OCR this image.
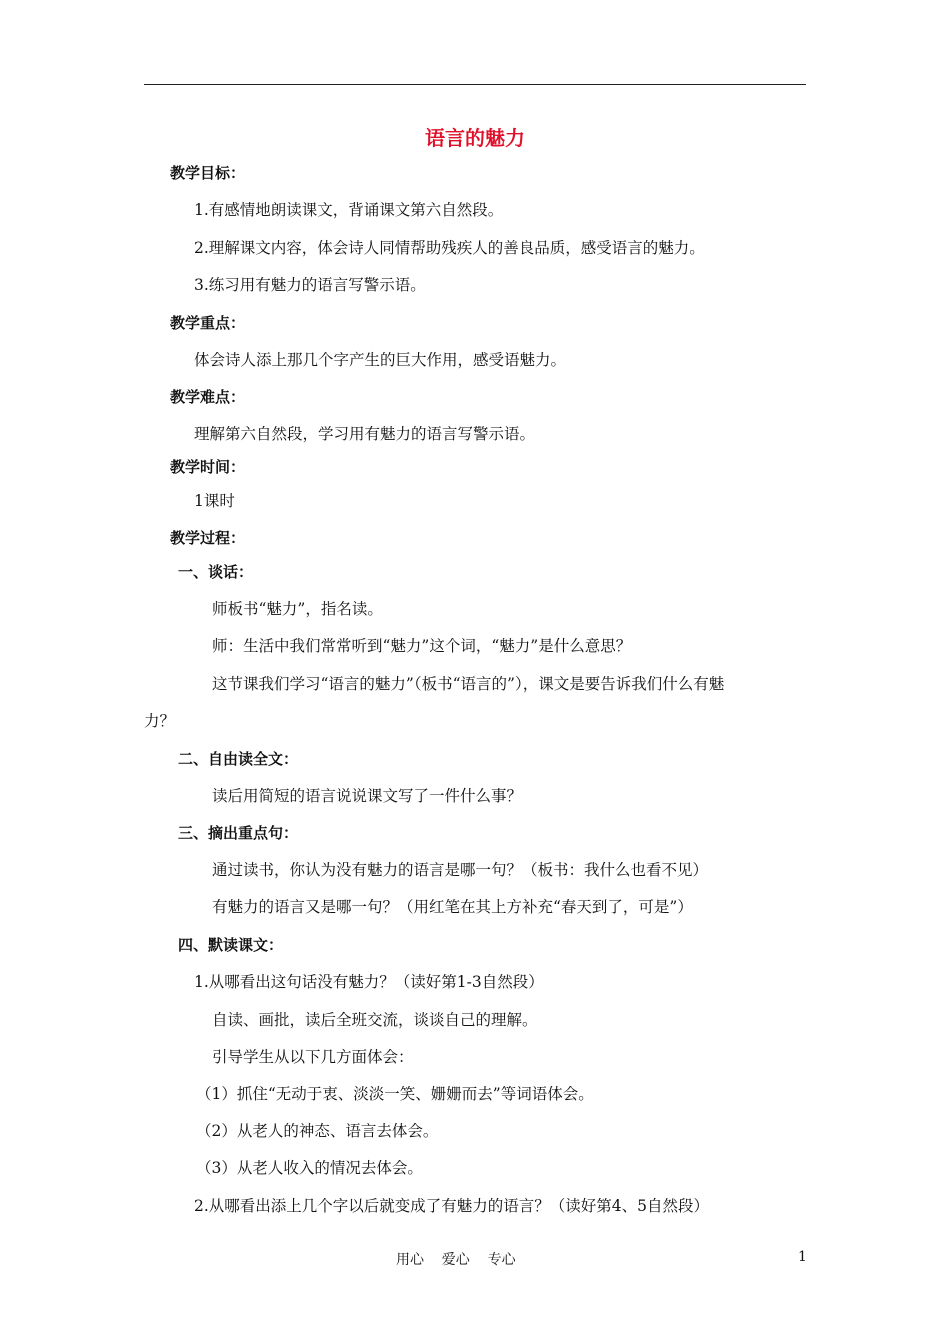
语言的魅力
教学目标：
1.有感情地朗读课文，背诵课文第六自然段。
2.理解课文内容，体会诗人同情帮助残疾人的善良品质，感受语言的魅力。
3.练习用有魅力的语言写警示语。
教学重点：
体会诗人添上那几个字产生的巨大作用，感受语魅力。
教学难点：
理解第六自然段，学习用有魅力的语言写警示语。
教学时间：
1课时
教学过程：
一、谈话：
师板书“魅力”，指名读。
师：生活中我们常常听到“魅力”这个词，“魅力”是什么意思？
这节课我们学习“语言的魅力”（板书“语言的”），课文是要告诉我们什么有魅
力？
二、自由读全文：
读后用简短的语言说说课文写了一件什么事？
三、摘出重点句：
通过读书，你认为没有魅力的语言是哪一句？（板书：我什么也看不见）
有魅力的语言又是哪一句？（用红笔在其上方补充“春天到了，可是”）
四、默读课文：
1.从哪看出这句话没有魅力？（读好第1-3自然段）
自读、画批，读后全班交流，谈谈自己的理解。
引导学生从以下几方面体会：
（1）抓住“无动于衷、淡淡一笑、姗姗而去”等词语体会。
（2）从老人的神态、语言去体会。
（3）从老人收入的情况去体会。
2.从哪看出添上几个字以后就变成了有魅力的语言？（读好第4、5自然段）
用心    爱心    专心	1
